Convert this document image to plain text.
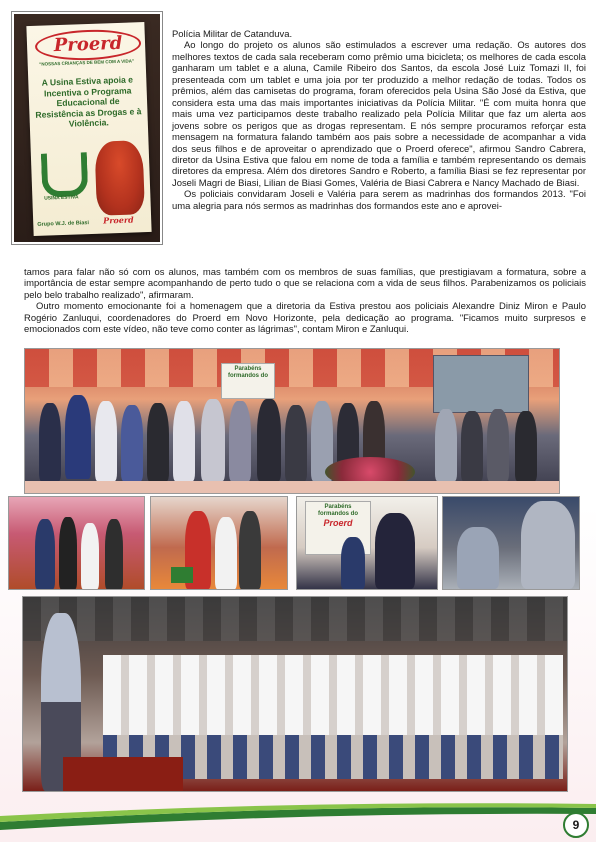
Proerd
"NOSSAS CRIANÇAS DE BEM COM A VIDA"
A Usina Estiva apoia e Incentiva o Programa Educacional de Resistência as Drogas e à Violência.
USINA ESTIVA
Grupo W.J. de Biasi	Proerd

Polícia Militar de Catanduva.

Ao longo do projeto os alunos são estimulados a escrever uma redação. Os autores dos melhores textos de cada sala receberam como prêmio uma bicicleta; os melhores de cada escola ganharam um tablet e a aluna, Camile Ribeiro dos Santos, da escola José Luiz Tomazi II, foi presenteada com um tablet e uma joia por ter produzido a melhor redação de todas. Todos os prêmios, além das camisetas do programa, foram oferecidos pela Usina São José da Estiva, que considera esta uma das mais importantes iniciativas da Polícia Militar. "É com muita honra que mais uma vez participamos deste trabalho realizado pela Polícia Militar que faz um alerta aos jovens sobre os perigos que as drogas representam. E nós sempre procuramos reforçar esta mensagem na formatura falando também aos pais sobre a necessidade de acompanhar a vida dos seus filhos e de aproveitar o aprendizado que o Proerd oferece", afirmou Sandro Cabrera, diretor da Usina Estiva que falou em nome de toda a família e também representando os demais diretores da empresa. Além dos diretores Sandro e Roberto, a família Biasi se fez representar por Joseli Magri de Biasi, Lilian de Biasi Gomes, Valéria de Biasi Cabrera e Nancy Machado de Biasi.

Os policiais convidaram Joseli e Valéria para serem as madrinhas dos formandos 2013. "Foi uma alegria para nós sermos as madrinhas dos formandos este ano e aprovei-

tamos para falar não só com os alunos, mas também com os membros de suas famílias, que prestigiavam a formatura, sobre a importância de estar sempre acompanhando de perto tudo o que se relaciona com a vida de seus filhos. Parabenizamos os policiais pelo belo trabalho realizado", afirmaram.

Outro momento emocionante foi a homenagem que a diretoria da Estiva prestou aos policiais Alexandre Diniz Miron e Paulo Rogério Zanluqui, coordenadores do Proerd em Novo Horizonte, pela dedicação ao programa. "Ficamos muito surpresos e emocionados com este vídeo, não teve como conter as lágrimas", contam Miron e Zanluqui.

Parabéns
formandos do
Parabéns
formandos do
Proerd
9
